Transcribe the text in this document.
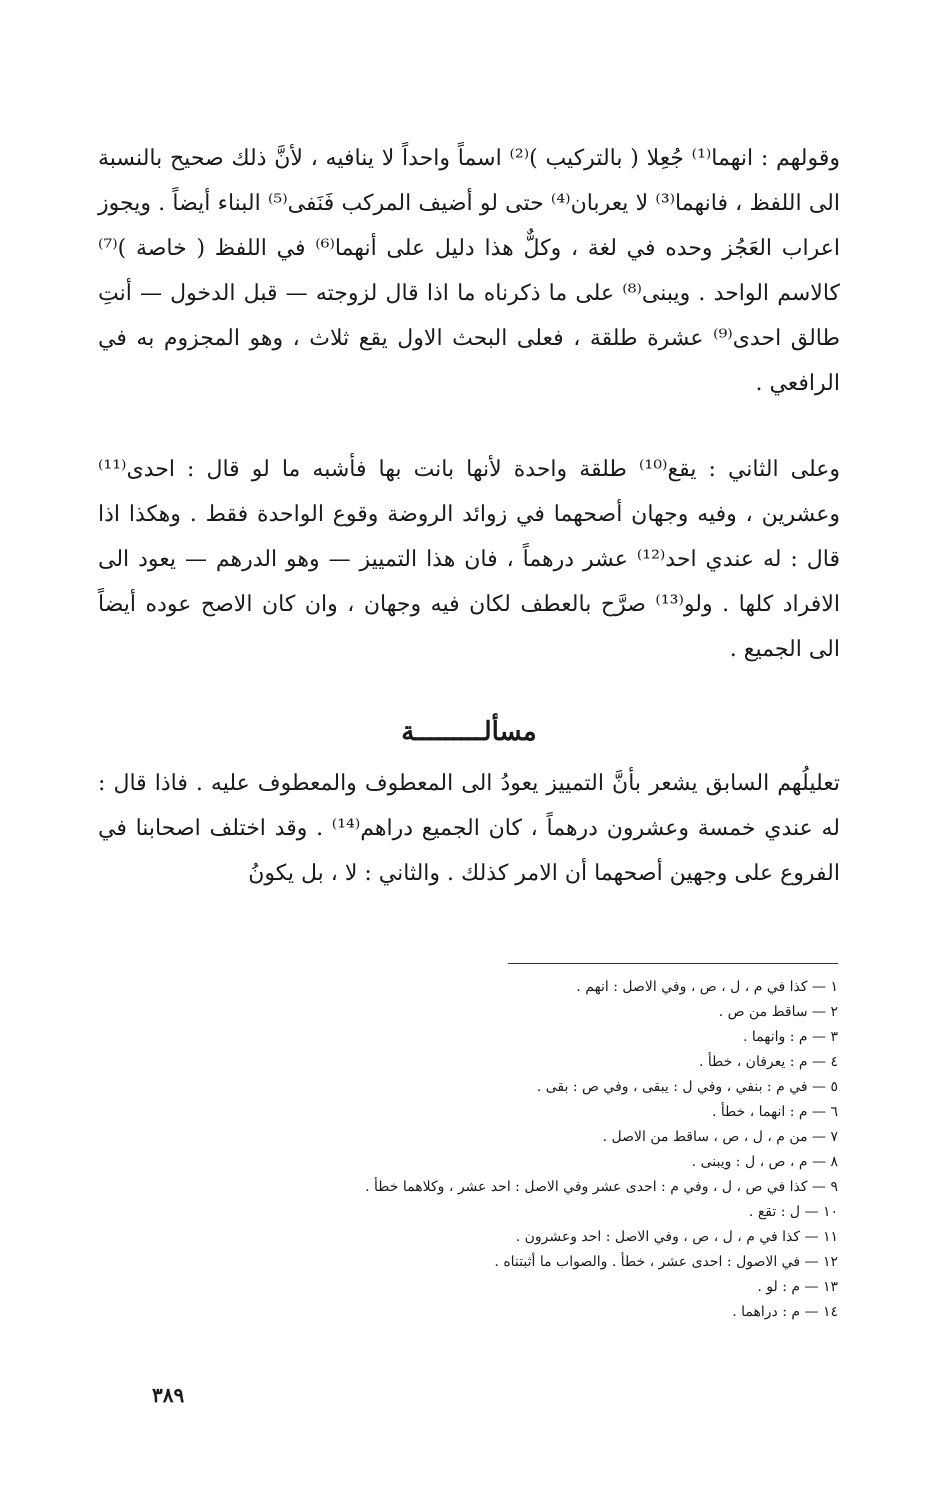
وقولهم : انهما⁽¹⁾ جُعِلا ( بالتركيب )⁽²⁾ اسماً واحداً لا ينافيه ، لأنَّ ذلك صحيح بالنسبة الى اللفظ ، فانهما⁽³⁾ لا يعربان⁽⁴⁾ حتى لو أضيف المركب فَنَفى⁽⁵⁾ البناء أيضاً . ويجوز اعراب العَجُز وحده في لغة ، وكلٌّ هذا دليل على أنهما⁽⁶⁾ في اللفظ ( خاصة )⁽⁷⁾ كالاسم الواحد . ويبنى⁽⁸⁾ على ما ذكرناه ما اذا قال لزوجته — قبل الدخول — أنتِ طالق احدى⁽⁹⁾ عشرة طلقة ، فعلى البحث الاول يقع ثلاث ، وهو المجزوم به في الرافعي .

وعلى الثاني : يقع⁽¹⁰⁾ طلقة واحدة لأنها بانت بها فأشبه ما لو قال : احدى⁽¹¹⁾ وعشرين ، وفيه وجهان أصحهما في زوائد الروضة وقوع الواحدة فقط . وهكذا اذا قال : له عندي احد⁽¹²⁾ عشر درهماً ، فان هذا التمييز — وهو الدرهم — يعود الى الافراد كلها . ولو⁽¹³⁾ صرَّح بالعطف لكان فيه وجهان ، وان كان الاصح عوده أيضاً الى الجميع .

مسألـــــــــة

تعليلُهم السابق يشعر بأنَّ التمييز يعودُ الى المعطوف والمعطوف عليه . فاذا قال : له عندي خمسة وعشرون درهماً ، كان الجميع دراهم⁽¹⁴⁾ . وقد اختلف اصحابنا في الفروع على وجهين أصحهما أن الامر كذلك . والثاني : لا ، بل يكونُ

١ — كذا في م ، ل ، ص ، وفي الاصل : انهم .
٢ — ساقط من ص .
٣ — م : وانهما .
٤ — م : يعرفان ، خطأ .
٥ — في م : بنفي ، وفي ل : يبقى ، وفي ص : بقى .
٦ — م : انهما ، خطأ .
٧ — من م ، ل ، ص ، ساقط من الاصل .
٨ — م ، ص ، ل : ويبنى .
٩ — كذا في ص ، ل ، وفي م : احدى عشر وفي الاصل : احد عشر ، وكلاهما خطأ .
١٠ — ل : تقع .
١١ — كذا في م ، ل ، ص ، وفي الاصل : احد وعشرون .
١٢ — في الاصول : احدى عشر ، خطأ . والصواب ما أثبتناه .
١٣ — م : لو .
١٤ — م : دراهما .
٣٨٩
